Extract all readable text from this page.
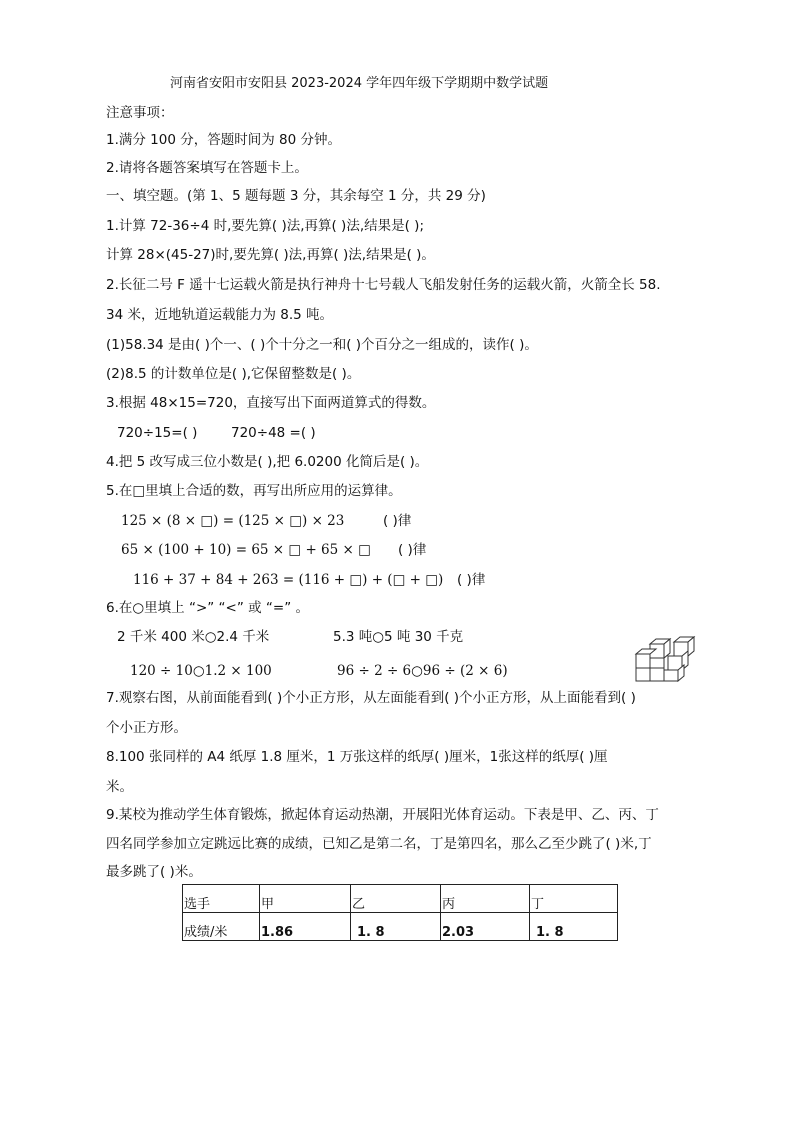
河南省安阳市安阳县 2023-2024 学年四年级下学期期中数学试题
注意事项：
1.满分 100 分，答题时间为 80 分钟。
2.请将各题答案填写在答题卡上。
一、填空题。(第 1、5 题每题 3 分，其余每空 1 分，共 29 分)
1.计算 72-36÷4 时,要先算( )法,再算( )法,结果是( );
计算 28×(45-27)时,要先算( )法,再算( )法,结果是( )。
2.长征二号 F 遥十七运载火箭是执行神舟十七号载人飞船发射任务的运载火箭，火箭全长 58.
34 米，近地轨道运载能力为 8.5 吨。
(1)58.34 是由( )个一、( )个十分之一和( )个百分之一组成的，读作( )。
(2)8.5 的计数单位是( ),它保留整数是( )。
3.根据 48×15=720，直接写出下面两道算式的得数。
720÷15=( ) 720÷48 =( )
4.把 5 改写成三位小数是( ),把 6.0200 化简后是( )。
5.在□里填上合适的数，再写出所应用的运算律。
125 × (8 × □) = (125 × □) × 23	( )律
65 × (100 + 10) = 65 × □ + 65 × □ ( )律
116 + 37 + 84 + 263 = (116 + □) + (□ + □) ( )律
6.在○里填上 “>” “<” 或 “=” 。
2 千米 400 米○2.4 千米	5.3 吨○5 吨 30 千克
120 ÷ 10○1.2 × 100	96 ÷ 2 ÷ 6○96 ÷ (2 × 6)
7.观察右图，从前面能看到( )个小正方形，从左面能看到( )个小正方形，从上面能看到( )
个小正方形。
8.100 张同样的 A4 纸厚 1.8 厘米，1 万张这样的纸厚( )厘米，1张这样的纸厚( )厘
米。
9.某校为推动学生体育锻炼，掀起体育运动热潮，开展阳光体育运动。下表是甲、乙、丙、丁
四名同学参加立定跳远比赛的成绩，已知乙是第二名，丁是第四名，那么乙至少跳了( )米,丁
最多跳了( )米。
选手	甲	乙	丙	丁
成绩/米	1.86	1. 8	2.03	1. 8
